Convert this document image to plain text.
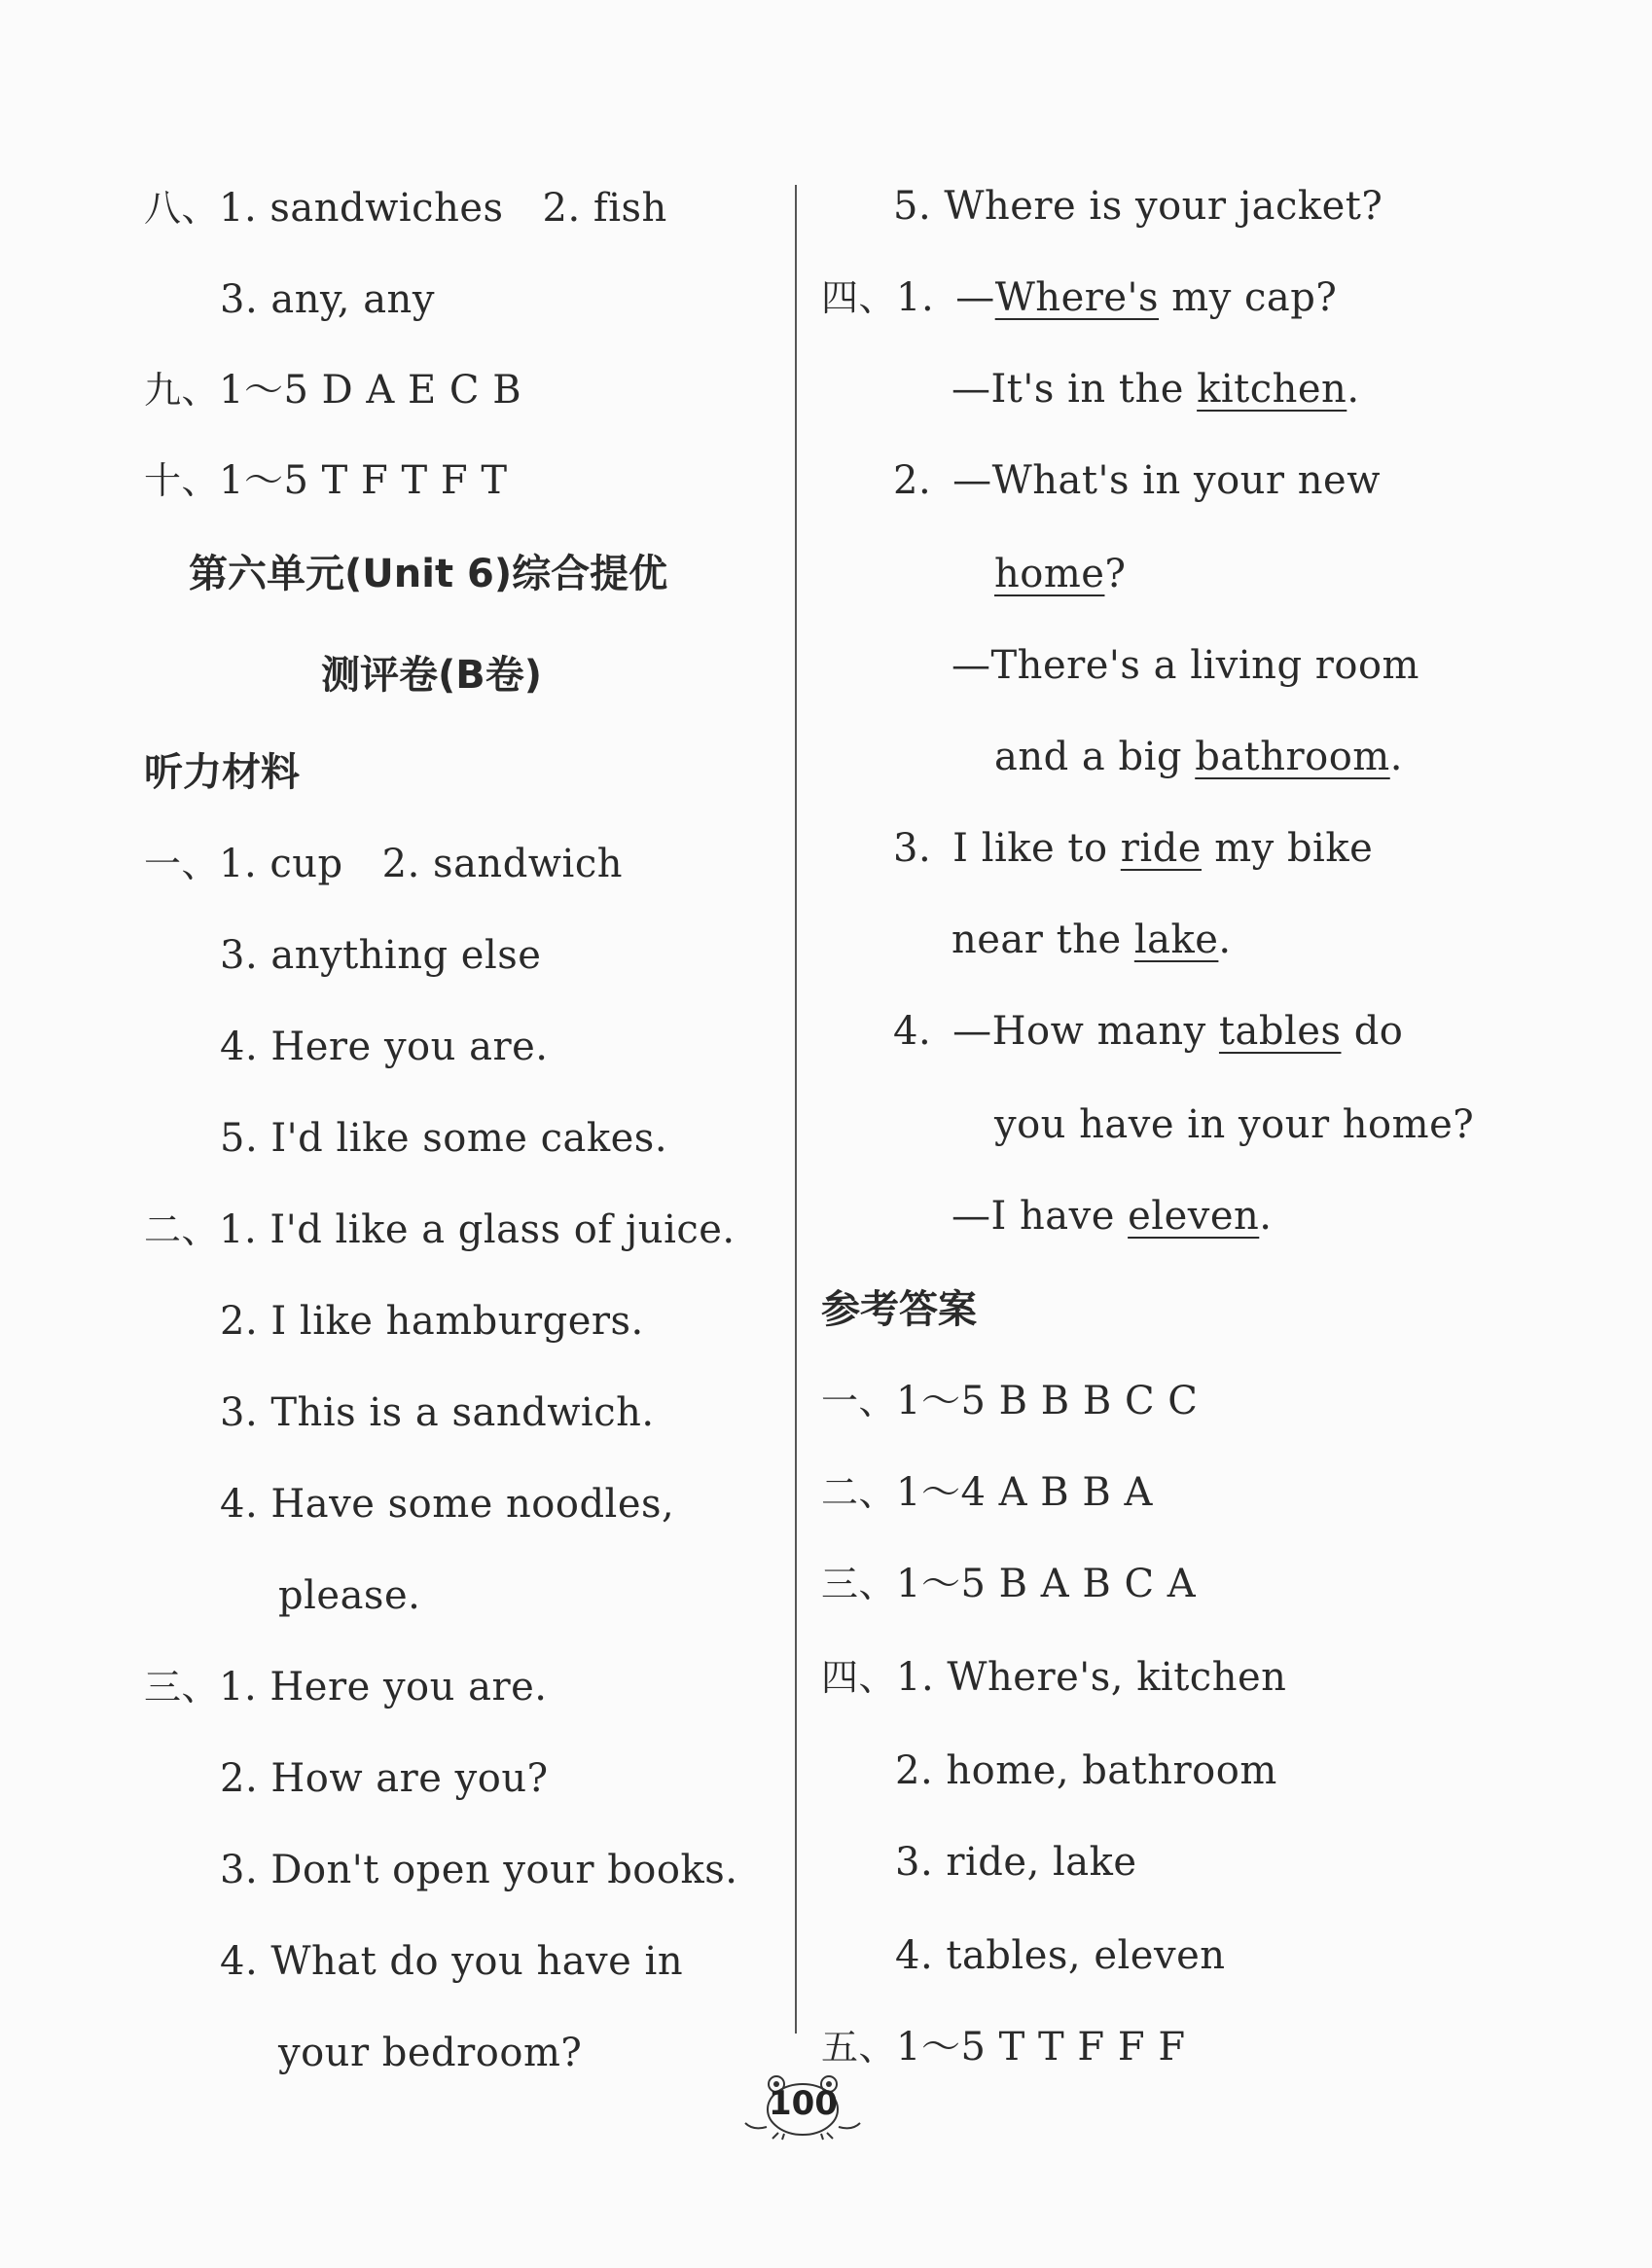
八、1. sandwiches 2. fish
3. any, any
九、1～5 D A E C B
十、1～5 T F T F T
第六单元(Unit 6)综合提优
测评卷(B卷)
听力材料
一、1. cup 2. sandwich
3. anything else
4. Here you are.
5. I'd like some cakes.
二、1. I'd like a glass of juice.
2. I like hamburgers.
3. This is a sandwich.
4. Have some noodles,
please.
三、1. Here you are.
2. How are you?
3. Don't open your books.
4. What do you have in
your bedroom?
5. Where is your jacket?
四、1. —Where's my cap?
—It's in the kitchen.
2. —What's in your new
home?
—There's a living room
and a big bathroom.
3. I like to ride my bike
near the lake.
4. —How many tables do
you have in your home?
—I have eleven.
参考答案
一、1～5 B B B C C
二、1～4 A B B A
三、1～5 B A B C A
四、1. Where's, kitchen
2. home, bathroom
3. ride, lake
4. tables, eleven
五、1～5 T T F F F
100
